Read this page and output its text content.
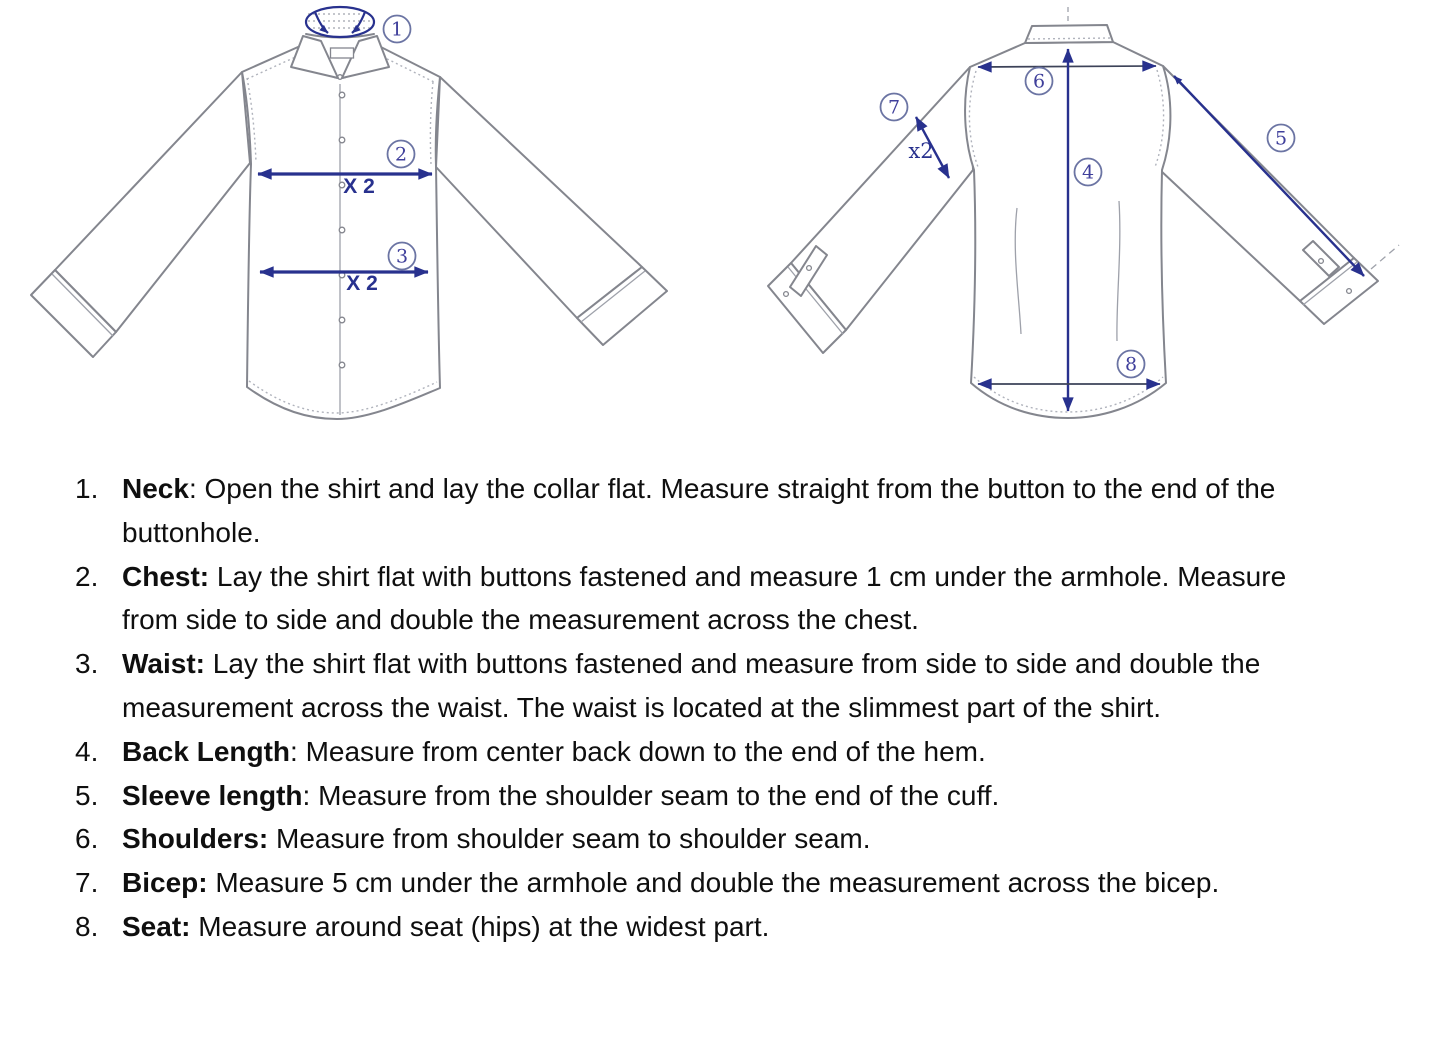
X 2
X 2
1
2
3
x2
4
5
6
7
8
1. Neck: Open the shirt and lay the collar flat. Measure straight from the button to the end of the buttonhole.
2. Chest: Lay the shirt flat with buttons fastened and measure 1 cm under the armhole. Measure from side to side and double the measurement across the chest.
3. Waist: Lay the shirt flat with buttons fastened and measure from side to side and double the measurement across the waist. The waist is located at the slimmest part of the shirt.
4. Back Length: Measure from center back down to the end of the hem.
5. Sleeve length: Measure from the shoulder seam to the end of the cuff.
6. Shoulders: Measure from shoulder seam to shoulder seam.
7. Bicep: Measure 5 cm under the armhole and double the measurement across the bicep.
8. Seat: Measure around seat (hips) at the widest part.
